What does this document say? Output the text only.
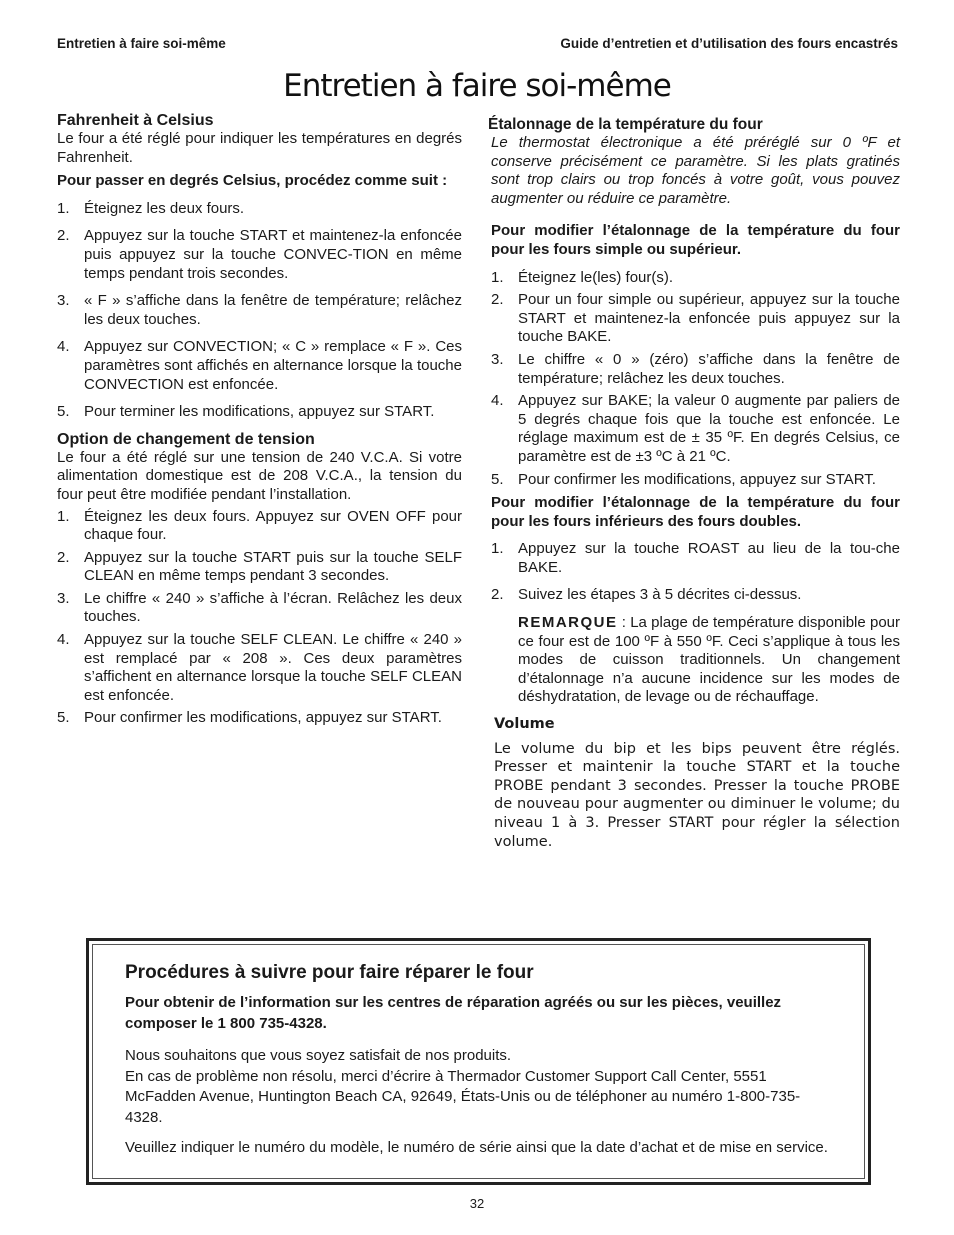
Entretien à faire soi-même	Guide d’entretien et d’utilisation des fours encastrés
Entretien à faire soi-même
Fahrenheit à Celsius

Le four a été réglé pour indiquer les températures en degrés Fahrenheit.

Pour passer en degrés Celsius, procédez comme suit :

1. Éteignez les deux fours.
2. Appuyez sur la touche START et maintenez-la enfoncée puis appuyez sur la touche CONVEC-TION en même temps pendant trois secondes.
3. « F » s’affiche dans la fenêtre de température; relâchez les deux touches.
4. Appuyez sur CONVECTION; « C » remplace « F ». Ces paramètres sont affichés en alternance lorsque la touche CONVECTION est enfoncée.
5. Pour terminer les modifications, appuyez sur START.
Option de changement de tension

Le four a été réglé sur une tension de 240 V.C.A. Si votre alimentation domestique est de 208 V.C.A., la tension du four peut être modifiée pendant l’installation.

1. Éteignez les deux fours. Appuyez sur OVEN OFF pour chaque four.
2. Appuyez sur la touche START puis sur la touche SELF CLEAN en même temps pendant 3 secondes.
3. Le chiffre « 240 » s’affiche à l’écran. Relâchez les deux touches.
4. Appuyez sur la touche SELF CLEAN. Le chiffre « 240 » est remplacé par « 208 ». Ces deux paramètres s’affichent en alternance lorsque la touche SELF CLEAN est enfoncée.
5. Pour confirmer les modifications, appuyez sur START.
Étalonnage de la température du four

Le thermostat électronique a été préréglé sur 0 ºF et conserve précisément ce paramètre. Si les plats gratinés sont trop clairs ou trop foncés à votre goût, vous pouvez augmenter ou réduire ce paramètre.

Pour modifier l’étalonnage de la température du four pour les fours simple ou supérieur.

1. Éteignez le(les) four(s).
2. Pour un four simple ou supérieur, appuyez sur la touche START et maintenez-la enfoncée puis appuyez sur la touche BAKE.
3. Le chiffre « 0 » (zéro) s’affiche dans la fenêtre de température; relâchez les deux touches.
4. Appuyez sur BAKE; la valeur 0 augmente par paliers de 5 degrés chaque fois que la touche est enfoncée. Le réglage maximum est de ± 35 ºF. En degrés Celsius, ce paramètre est de ±3 ºC à 21 ºC.
5. Pour confirmer les modifications, appuyez sur START.

Pour modifier l’étalonnage de la température du four pour les fours inférieurs des fours doubles.

1. Appuyez sur la touche ROAST au lieu de la tou-che BAKE.
2. Suivez les étapes 3 à 5 décrites ci-dessus.

REMARQUE : La plage de température disponible pour ce four est de 100 ºF à 550 ºF. Ceci s’applique à tous les modes de cuisson traditionnels. Un changement d’étalonnage n’a aucune incidence sur les modes de déshydratation, de levage ou de réchauffage.

Volume

Le volume du bip et les bips peuvent être réglés. Presser et maintenir la touche START et la touche PROBE pendant 3 secondes. Presser la touche PROBE de nouveau pour augmenter ou diminuer le volume; du niveau 1 à 3. Presser START pour régler la sélection volume.

Procédures à suivre pour faire réparer le four

Pour obtenir de l’information sur les centres de réparation agréés ou sur les pièces, veuillez composer le 1 800 735-4328.

Nous souhaitons que vous soyez satisfait de nos produits.

En cas de problème non résolu, merci d’écrire à Thermador Customer Support Call Center, 5551 McFadden Avenue, Huntington Beach CA, 92649, États-Unis ou de téléphoner au numéro 1-800-735-4328.

Veuillez indiquer le numéro du modèle, le numéro de série ainsi que la date d’achat et de mise en service.

32
